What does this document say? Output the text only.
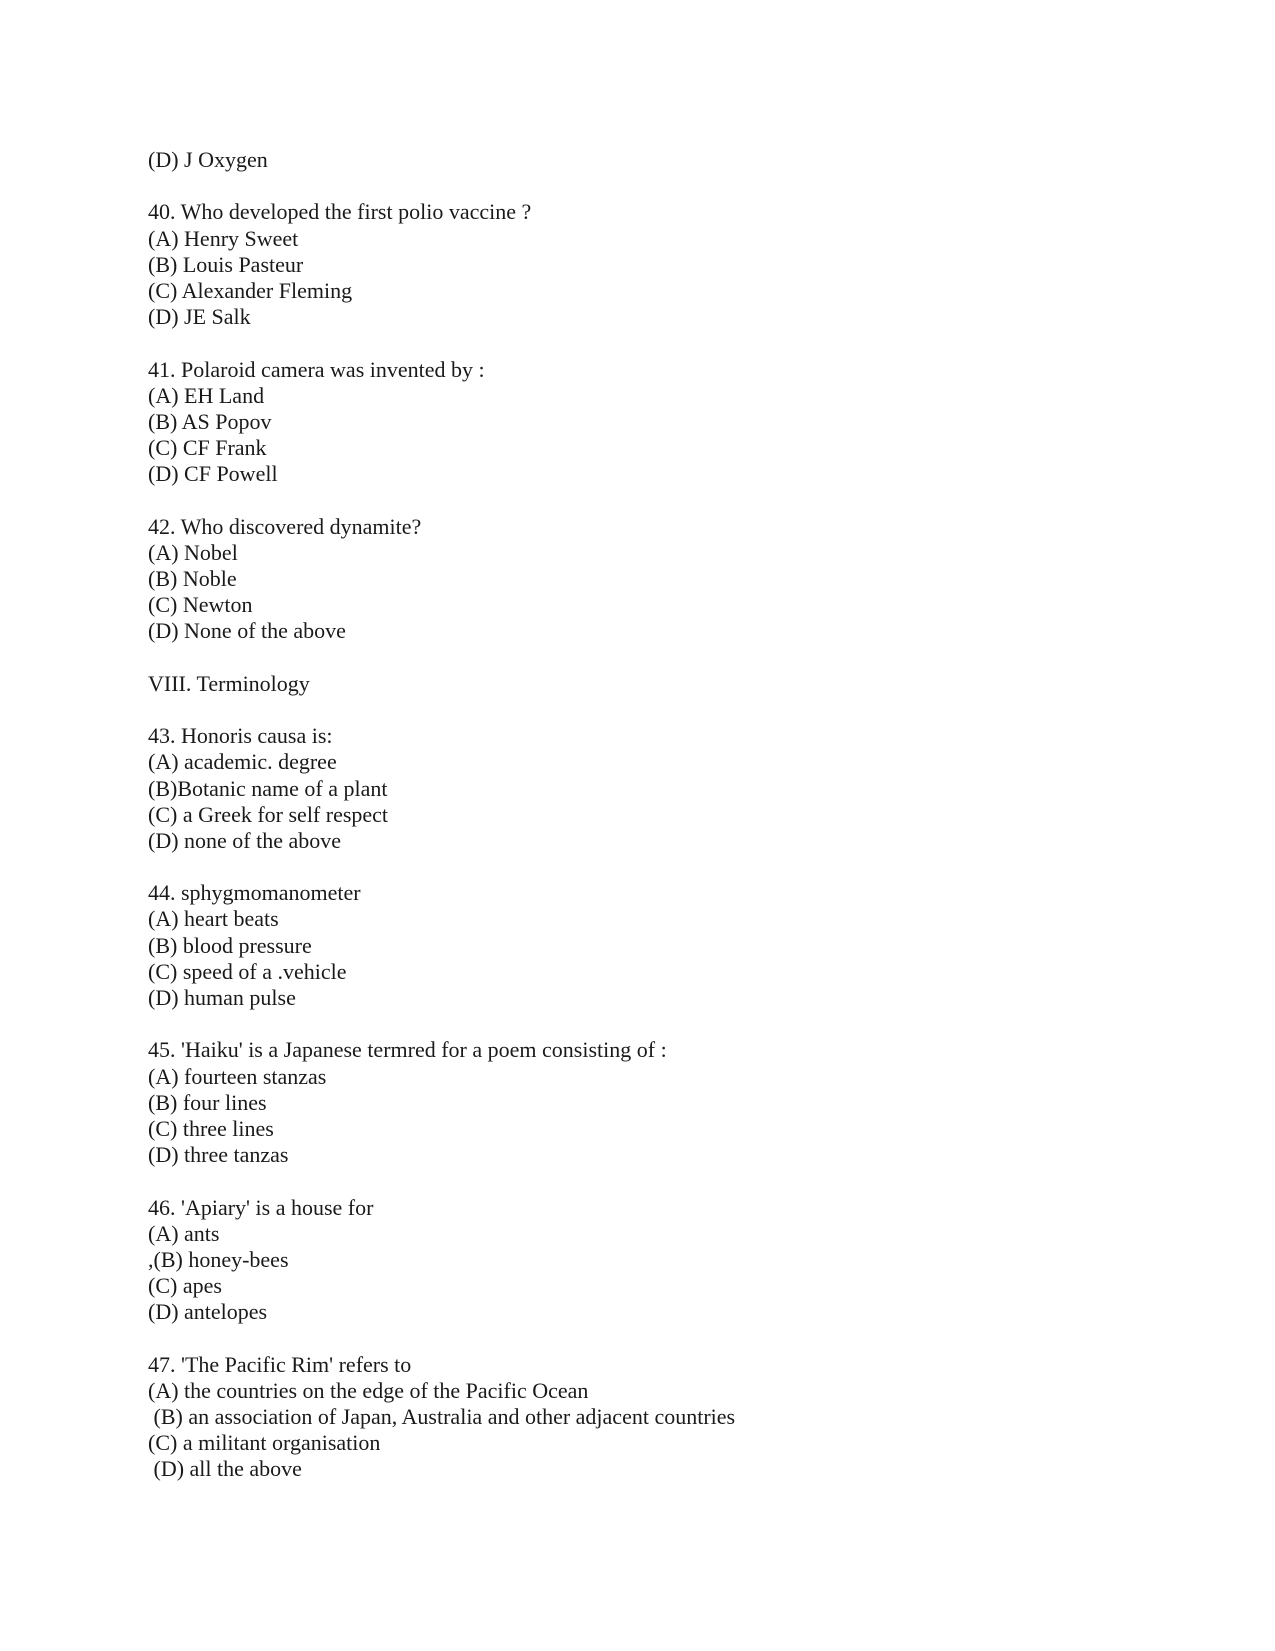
(D) J Oxygen
40. Who developed the first polio vaccine ?
(A) Henry Sweet
(B) Louis Pasteur
(C) Alexander Fleming
(D) JE Salk
41. Polaroid camera was invented by :
(A) EH Land
(B) AS Popov
(C) CF Frank
(D) CF Powell
42. Who discovered dynamite?
(A) Nobel
(B) Noble
(C) Newton
(D) None of the above
VIII. Terminology
43. Honoris causa is:
(A) academic. degree
(B)Botanic name of a plant
(C) a Greek for self respect
(D) none of the above
44. sphygmomanometer
(A) heart beats
(B) blood pressure
(C) speed of a .vehicle
(D) human pulse
45. 'Haiku' is a Japanese termred for a poem consisting of :
(A) fourteen stanzas
(B) four lines
(C) three lines
(D) three tanzas
46. 'Apiary' is a house for
(A) ants
,(B) honey-bees
(C) apes
(D) antelopes
47. 'The Pacific Rim' refers to
(A) the countries on the edge of the Pacific Ocean
(B) an association of Japan, Australia and other adjacent countries
(C) a militant organisation
(D) all the above
